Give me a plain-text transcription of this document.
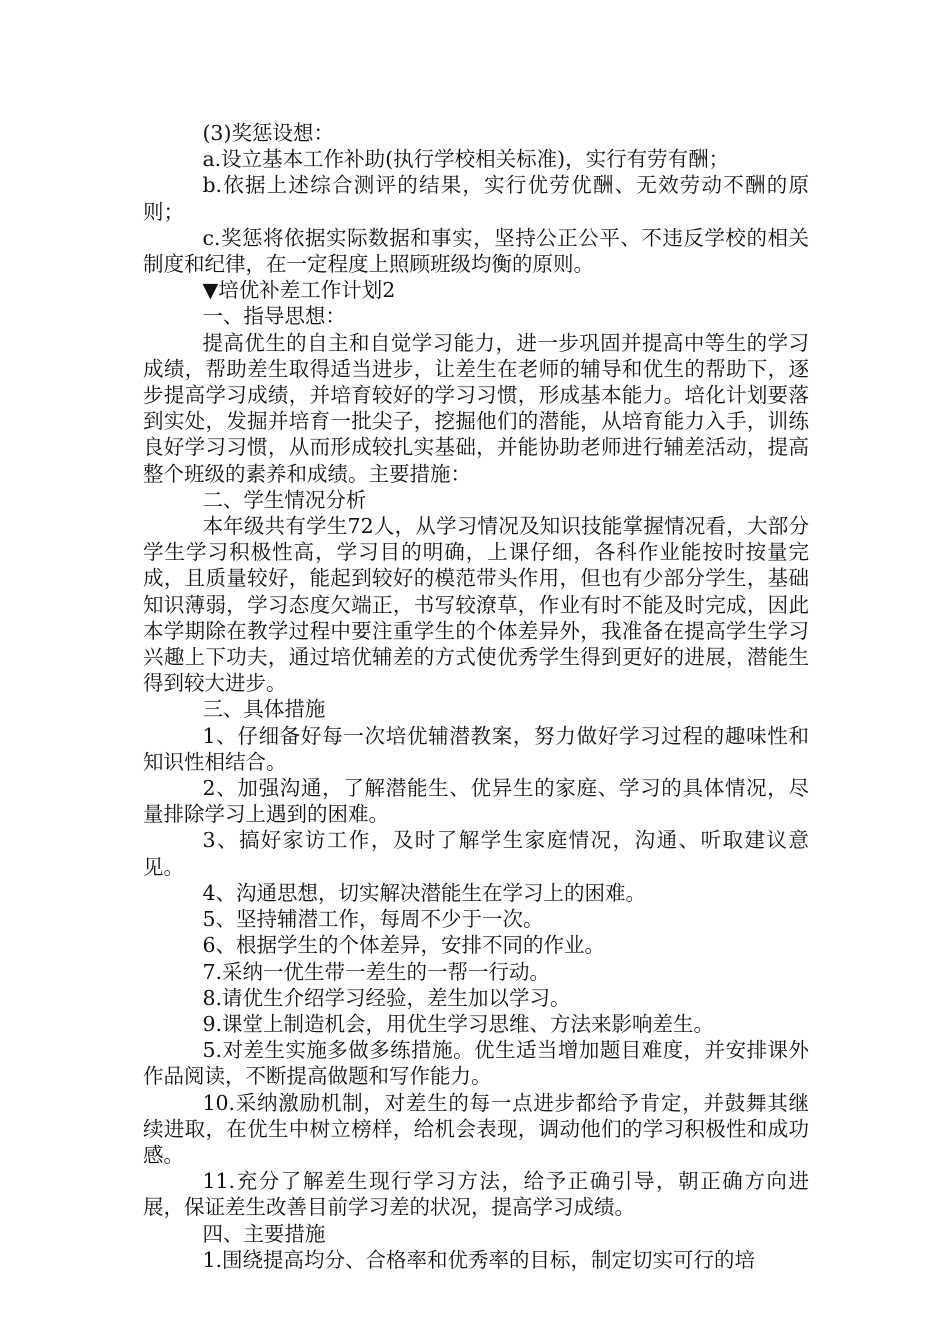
(3)奖惩设想：

a.设立基本工作补助(执行学校相关标准)，实行有劳有酬；

b.依据上述综合测评的结果，实行优劳优酬、无效劳动不酬的原则；

c.奖惩将依据实际数据和事实，坚持公正公平、不违反学校的相关制度和纪律，在一定程度上照顾班级均衡的原则。

▼培优补差工作计划2

一、指导思想：

提高优生的自主和自觉学习能力，进一步巩固并提高中等生的学习成绩，帮助差生取得适当进步，让差生在老师的辅导和优生的帮助下，逐步提高学习成绩，并培育较好的学习习惯，形成基本能力。培化计划要落到实处，发掘并培育一批尖子，挖掘他们的潜能，从培育能力入手，训练良好学习习惯，从而形成较扎实基础，并能协助老师进行辅差活动，提高整个班级的素养和成绩。主要措施：

二、学生情况分析

本年级共有学生72人，从学习情况及知识技能掌握情况看，大部分学生学习积极性高，学习目的明确，上课仔细，各科作业能按时按量完成，且质量较好，能起到较好的模范带头作用，但也有少部分学生，基础知识薄弱，学习态度欠端正，书写较潦草，作业有时不能及时完成，因此本学期除在教学过程中要注重学生的个体差异外，我准备在提高学生学习兴趣上下功夫，通过培优辅差的方式使优秀学生得到更好的进展，潜能生得到较大进步。

三、具体措施

1、仔细备好每一次培优辅潜教案，努力做好学习过程的趣味性和知识性相结合。

2、加强沟通，了解潜能生、优异生的家庭、学习的具体情况，尽量排除学习上遇到的困难。

3、搞好家访工作，及时了解学生家庭情况，沟通、听取建议意见。

4、沟通思想，切实解决潜能生在学习上的困难。

5、坚持辅潜工作，每周不少于一次。

6、根据学生的个体差异，安排不同的作业。

7.采纳一优生带一差生的一帮一行动。

8.请优生介绍学习经验，差生加以学习。

9.课堂上制造机会，用优生学习思维、方法来影响差生。

5.对差生实施多做多练措施。优生适当增加题目难度，并安排课外作品阅读，不断提高做题和写作能力。

10.采纳激励机制，对差生的每一点进步都给予肯定，并鼓舞其继续进取，在优生中树立榜样，给机会表现，调动他们的学习积极性和成功感。

11.充分了解差生现行学习方法，给予正确引导，朝正确方向进展，保证差生改善目前学习差的状况，提高学习成绩。

四、主要措施

1.围绕提高均分、合格率和优秀率的目标，制定切实可行的培
